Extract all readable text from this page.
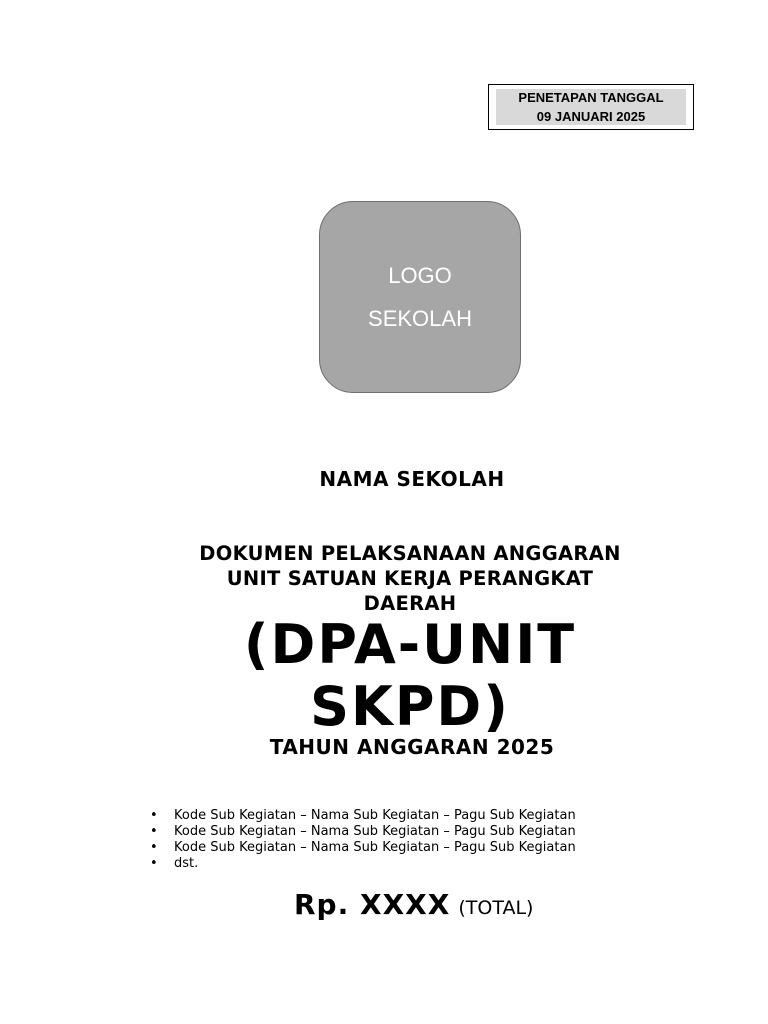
PENETAPAN TANGGAL
09 JANUARI 2025
LOGO
SEKOLAH
NAMA SEKOLAH
DOKUMEN PELAKSANAAN ANGGARAN
UNIT SATUAN KERJA PERANGKAT
DAERAH
(DPA-UNIT
SKPD)
TAHUN ANGGARAN 2025
• Kode Sub Kegiatan – Nama Sub Kegiatan – Pagu Sub Kegiatan
• Kode Sub Kegiatan – Nama Sub Kegiatan – Pagu Sub Kegiatan
• Kode Sub Kegiatan – Nama Sub Kegiatan – Pagu Sub Kegiatan
• dst.
Rp. XXXX (TOTAL)
